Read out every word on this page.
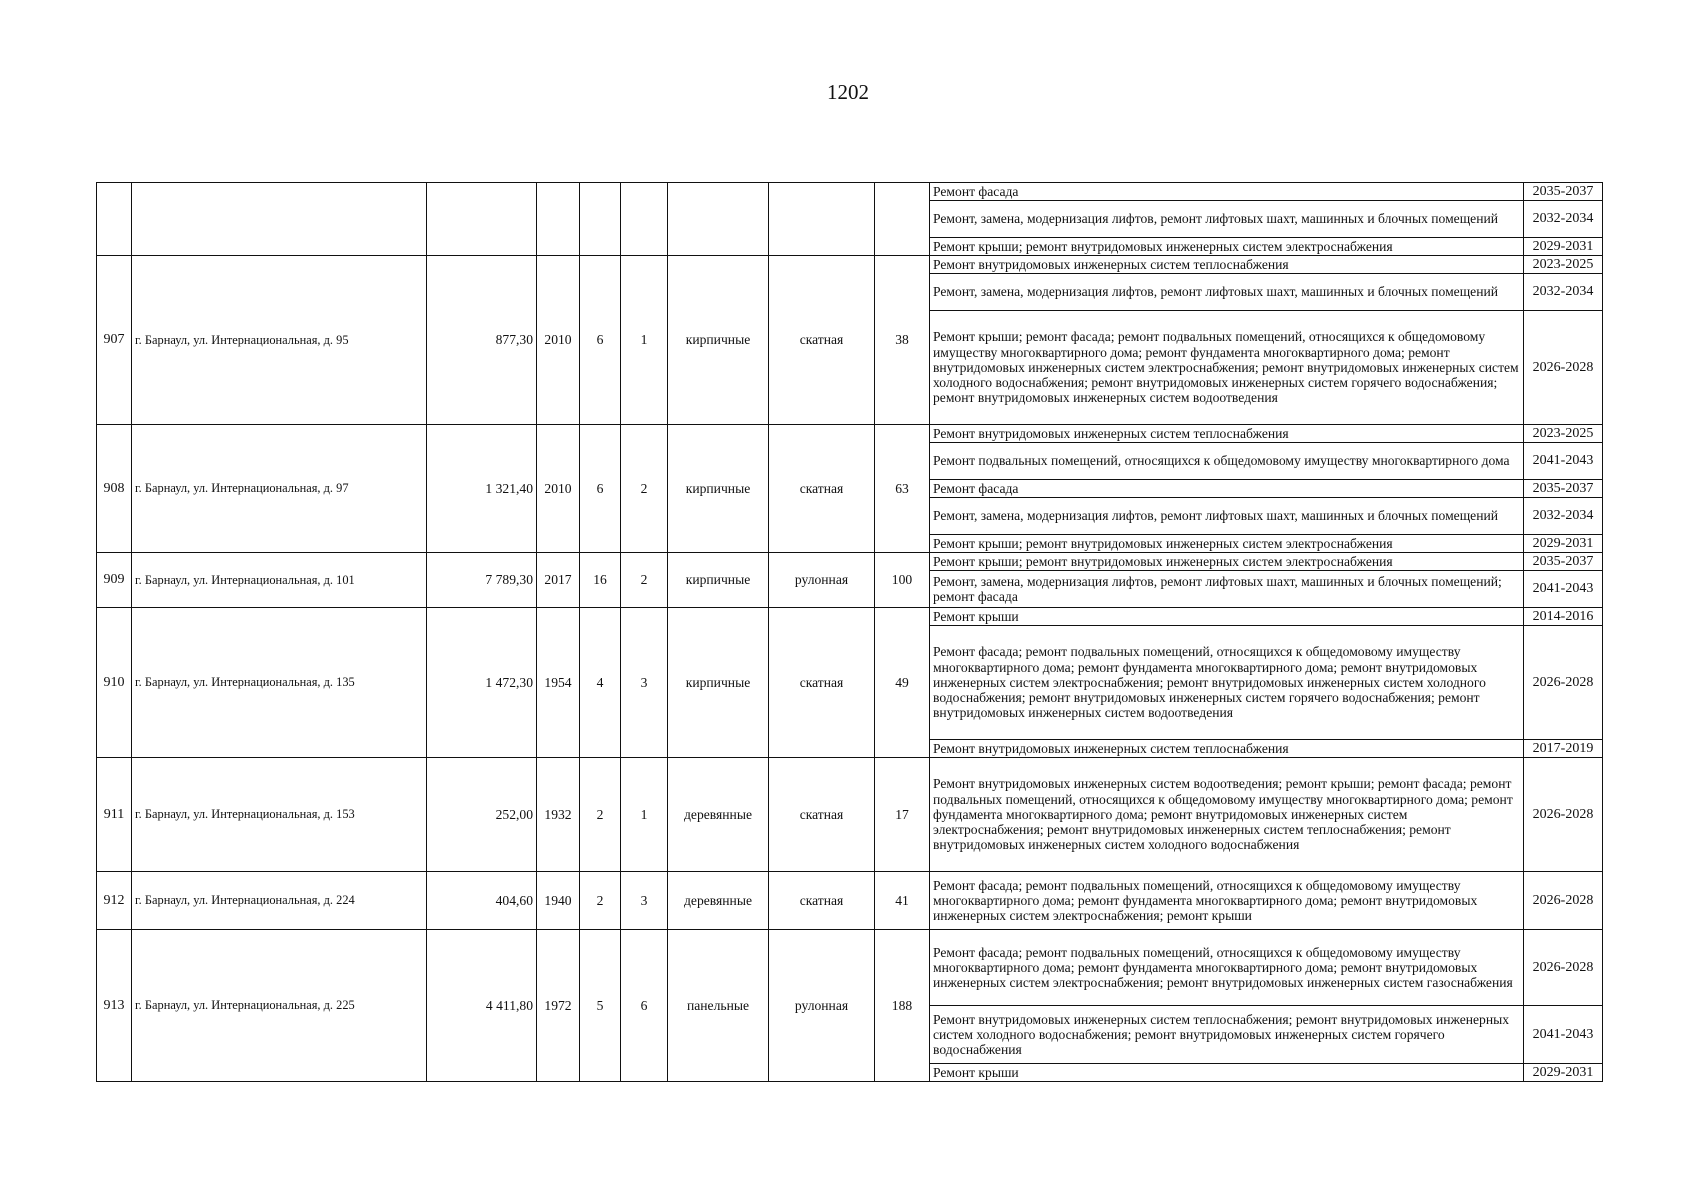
1202
									Ремонт фасада	2035-2037
									Ремонт, замена, модернизация лифтов, ремонт лифтовых шахт, машинных и блочных помещений	2032-2034
									Ремонт крыши; ремонт внутридомовых инженерных систем электроснабжения	2029-2031
907	г. Барнаул, ул. Интернациональная, д. 95	877,30	2010	6	1	кирпичные	скатная	38	Ремонт внутридомовых инженерных систем теплоснабжения	2023-2025
									Ремонт, замена, модернизация лифтов, ремонт лифтовых шахт, машинных и блочных помещений	2032-2034
									Ремонт крыши; ремонт фасада; ремонт подвальных помещений, относящихся к общедомовому имуществу многоквартирного дома; ремонт фундамента многоквартирного дома; ремонт внутридомовых инженерных систем электроснабжения; ремонт внутридомовых инженерных систем холодного водоснабжения; ремонт внутридомовых инженерных систем горячего водоснабжения; ремонт внутридомовых инженерных систем водоотведения	2026-2028
908	г. Барнаул, ул. Интернациональная, д. 97	1 321,40	2010	6	2	кирпичные	скатная	63	Ремонт внутридомовых инженерных систем теплоснабжения	2023-2025
									Ремонт подвальных помещений, относящихся к общедомовому имуществу многоквартирного дома	2041-2043
									Ремонт фасада	2035-2037
									Ремонт, замена, модернизация лифтов, ремонт лифтовых шахт, машинных и блочных помещений	2032-2034
									Ремонт крыши; ремонт внутридомовых инженерных систем электроснабжения	2029-2031
909	г. Барнаул, ул. Интернациональная, д. 101	7 789,30	2017	16	2	кирпичные	рулонная	100	Ремонт крыши; ремонт внутридомовых инженерных систем электроснабжения	2035-2037
									Ремонт, замена, модернизация лифтов, ремонт лифтовых шахт, машинных и блочных помещений; ремонт фасада	2041-2043
910	г. Барнаул, ул. Интернациональная, д. 135	1 472,30	1954	4	3	кирпичные	скатная	49	Ремонт крыши	2014-2016
									Ремонт фасада; ремонт подвальных помещений, относящихся к общедомовому имуществу многоквартирного дома; ремонт фундамента многоквартирного дома; ремонт внутридомовых инженерных систем электроснабжения; ремонт внутридомовых инженерных систем холодного водоснабжения; ремонт внутридомовых инженерных систем горячего водоснабжения; ремонт внутридомовых инженерных систем водоотведения	2026-2028
									Ремонт внутридомовых инженерных систем теплоснабжения	2017-2019
911	г. Барнаул, ул. Интернациональная, д. 153	252,00	1932	2	1	деревянные	скатная	17	Ремонт внутридомовых инженерных систем водоотведения; ремонт крыши; ремонт фасада; ремонт подвальных помещений, относящихся к общедомовому имуществу многоквартирного дома; ремонт фундамента многоквартирного дома; ремонт внутридомовых инженерных систем электроснабжения; ремонт внутридомовых инженерных систем теплоснабжения; ремонт внутридомовых инженерных систем холодного водоснабжения	2026-2028
912	г. Барнаул, ул. Интернациональная, д. 224	404,60	1940	2	3	деревянные	скатная	41	Ремонт фасада; ремонт подвальных помещений, относящихся к общедомовому имуществу многоквартирного дома; ремонт фундамента многоквартирного дома; ремонт внутридомовых инженерных систем электроснабжения; ремонт крыши	2026-2028
913	г. Барнаул, ул. Интернациональная, д. 225	4 411,80	1972	5	6	панельные	рулонная	188	Ремонт фасада; ремонт подвальных помещений, относящихся к общедомовому имуществу многоквартирного дома; ремонт фундамента многоквартирного дома; ремонт внутридомовых инженерных систем электроснабжения; ремонт внутридомовых инженерных систем газоснабжения	2026-2028
									Ремонт внутридомовых инженерных систем теплоснабжения; ремонт внутридомовых инженерных систем холодного водоснабжения; ремонт внутридомовых инженерных систем горячего водоснабжения	2041-2043
									Ремонт крыши	2029-2031
